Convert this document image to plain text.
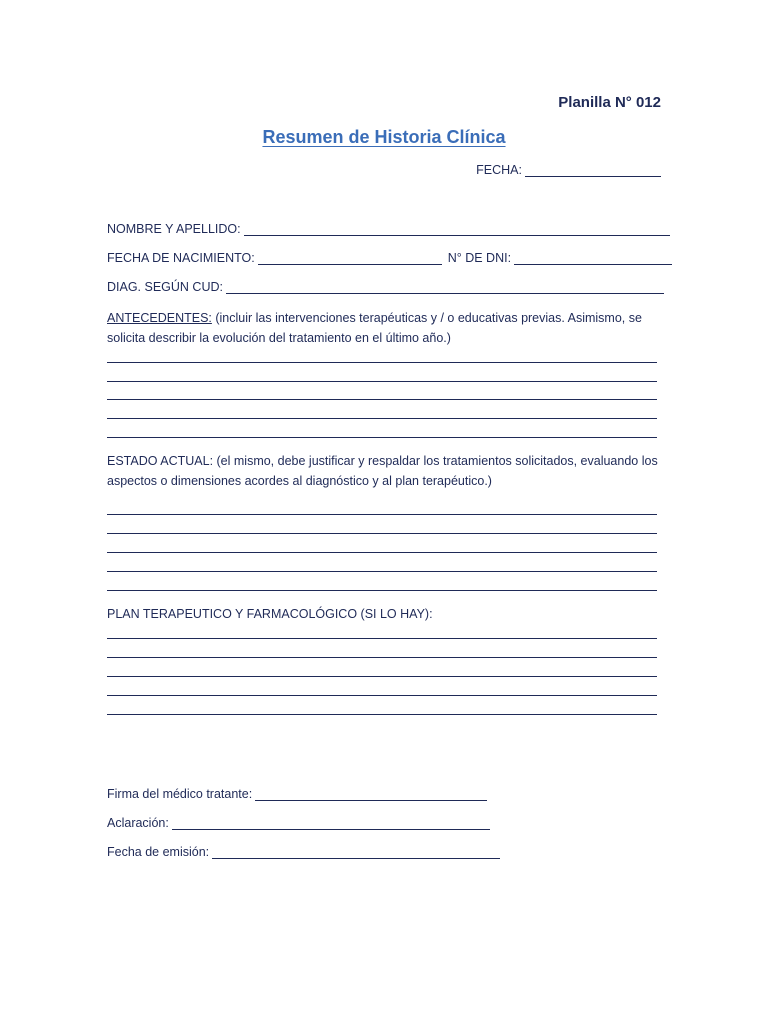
Planilla N° 012
Resumen de Historia Clínica
FECHA:
NOMBRE Y APELLIDO:
FECHA DE NACIMIENTO:	N° DE DNI:
DIAG. SEGÚN CUD:
ANTECEDENTES: (incluir las intervenciones terapéuticas y / o educativas previas. Asimismo, se solicita describir la evolución del tratamiento en el último año.)
ESTADO ACTUAL: (el mismo, debe justificar y respaldar los tratamientos solicitados, evaluando los aspectos o dimensiones acordes al diagnóstico y al plan terapéutico.)
PLAN TERAPEUTICO Y FARMACOLÓGICO (SI LO HAY):
Firma del médico tratante:
Aclaración:
Fecha de emisión:
